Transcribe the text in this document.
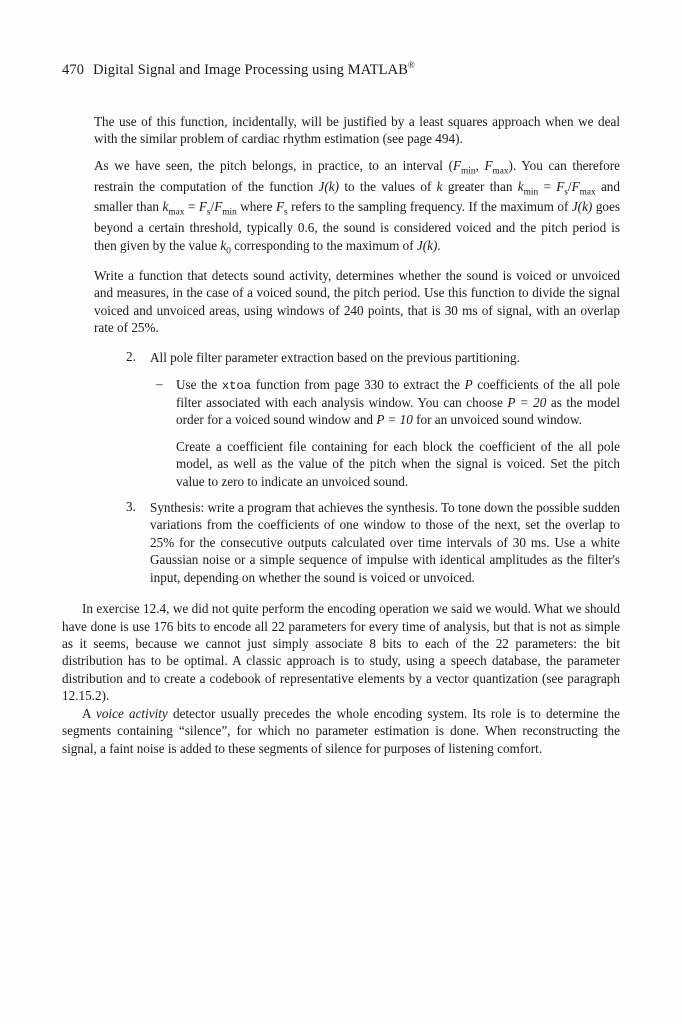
470 Digital Signal and Image Processing using MATLAB®

The use of this function, incidentally, will be justified by a least squares approach when we deal with the similar problem of cardiac rhythm estimation (see page 494).

As we have seen, the pitch belongs, in practice, to an interval ($F_{min}$, $F_{max}$). You can therefore restrain the computation of the function J(k) to the values of k greater than $k_{min} = F_s/F_{max}$ and smaller than $k_{max} = F_s/F_{min}$ where $F_s$ refers to the sampling frequency. If the maximum of J(k) goes beyond a certain threshold, typically 0.6, the sound is considered voiced and the pitch period is then given by the value $k_0$ corresponding to the maximum of J(k).

Write a function that detects sound activity, determines whether the sound is voiced or unvoiced and measures, in the case of a voiced sound, the pitch period. Use this function to divide the signal voiced and unvoiced areas, using windows of 240 points, that is 30 ms of signal, with an overlap rate of 25%.

2. All pole filter parameter extraction based on the previous partitioning.

– Use the xtoa function from page 330 to extract the P coefficients of the all pole filter associated with each analysis window. You can choose P = 20 as the model order for a voiced sound window and P = 10 for an unvoiced sound window.

Create a coefficient file containing for each block the coefficient of the all pole model, as well as the value of the pitch when the signal is voiced. Set the pitch value to zero to indicate an unvoiced sound.

3. Synthesis: write a program that achieves the synthesis. To tone down the possible sudden variations from the coefficients of one window to those of the next, set the overlap to 25% for the consecutive outputs calculated over time intervals of 30 ms. Use a white Gaussian noise or a simple sequence of impulse with identical amplitudes as the filter's input, depending on whether the sound is voiced or unvoiced.

In exercise 12.4, we did not quite perform the encoding operation we said we would. What we should have done is use 176 bits to encode all 22 parameters for every time of analysis, but that is not as simple as it seems, because we cannot just simply associate 8 bits to each of the 22 parameters: the bit distribution has to be optimal. A classic approach is to study, using a speech database, the parameter distribution and to create a codebook of representative elements by a vector quantization (see paragraph 12.15.2).

A voice activity detector usually precedes the whole encoding system. Its role is to determine the segments containing “silence”, for which no parameter estimation is done. When reconstructing the signal, a faint noise is added to these segments of silence for purposes of listening comfort.
